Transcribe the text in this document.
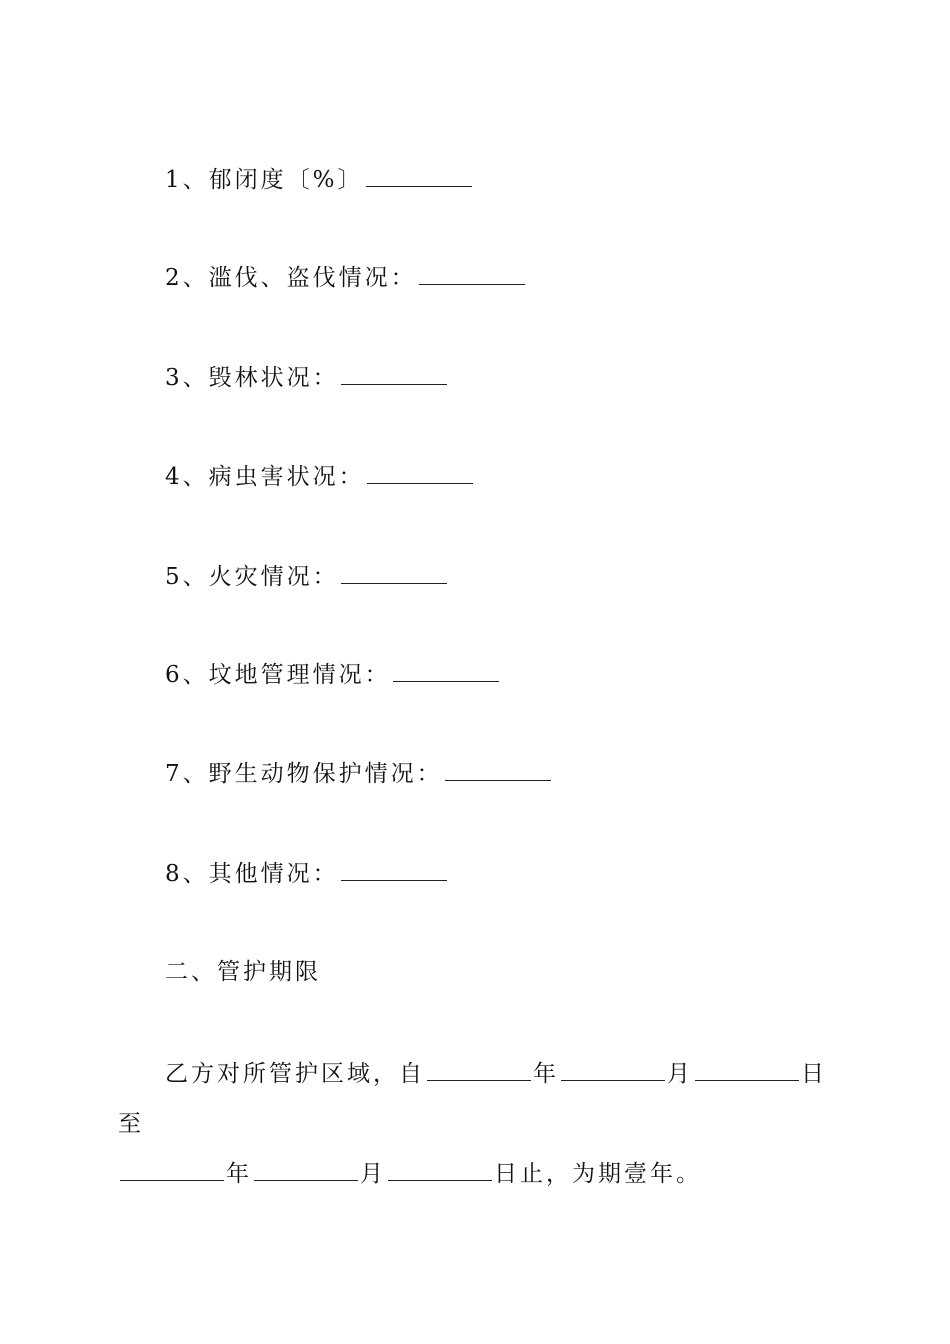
1、郁闭度〔%〕
2、滥伐、盗伐情况：
3、毁林状况：
4、病虫害状况：
5、火灾情况：
6、坟地管理情况：
7、野生动物保护情况：
8、其他情况：
二、管护期限
乙方对所管护区域，自	年	月	日至
年	月	日止，为期壹年。
